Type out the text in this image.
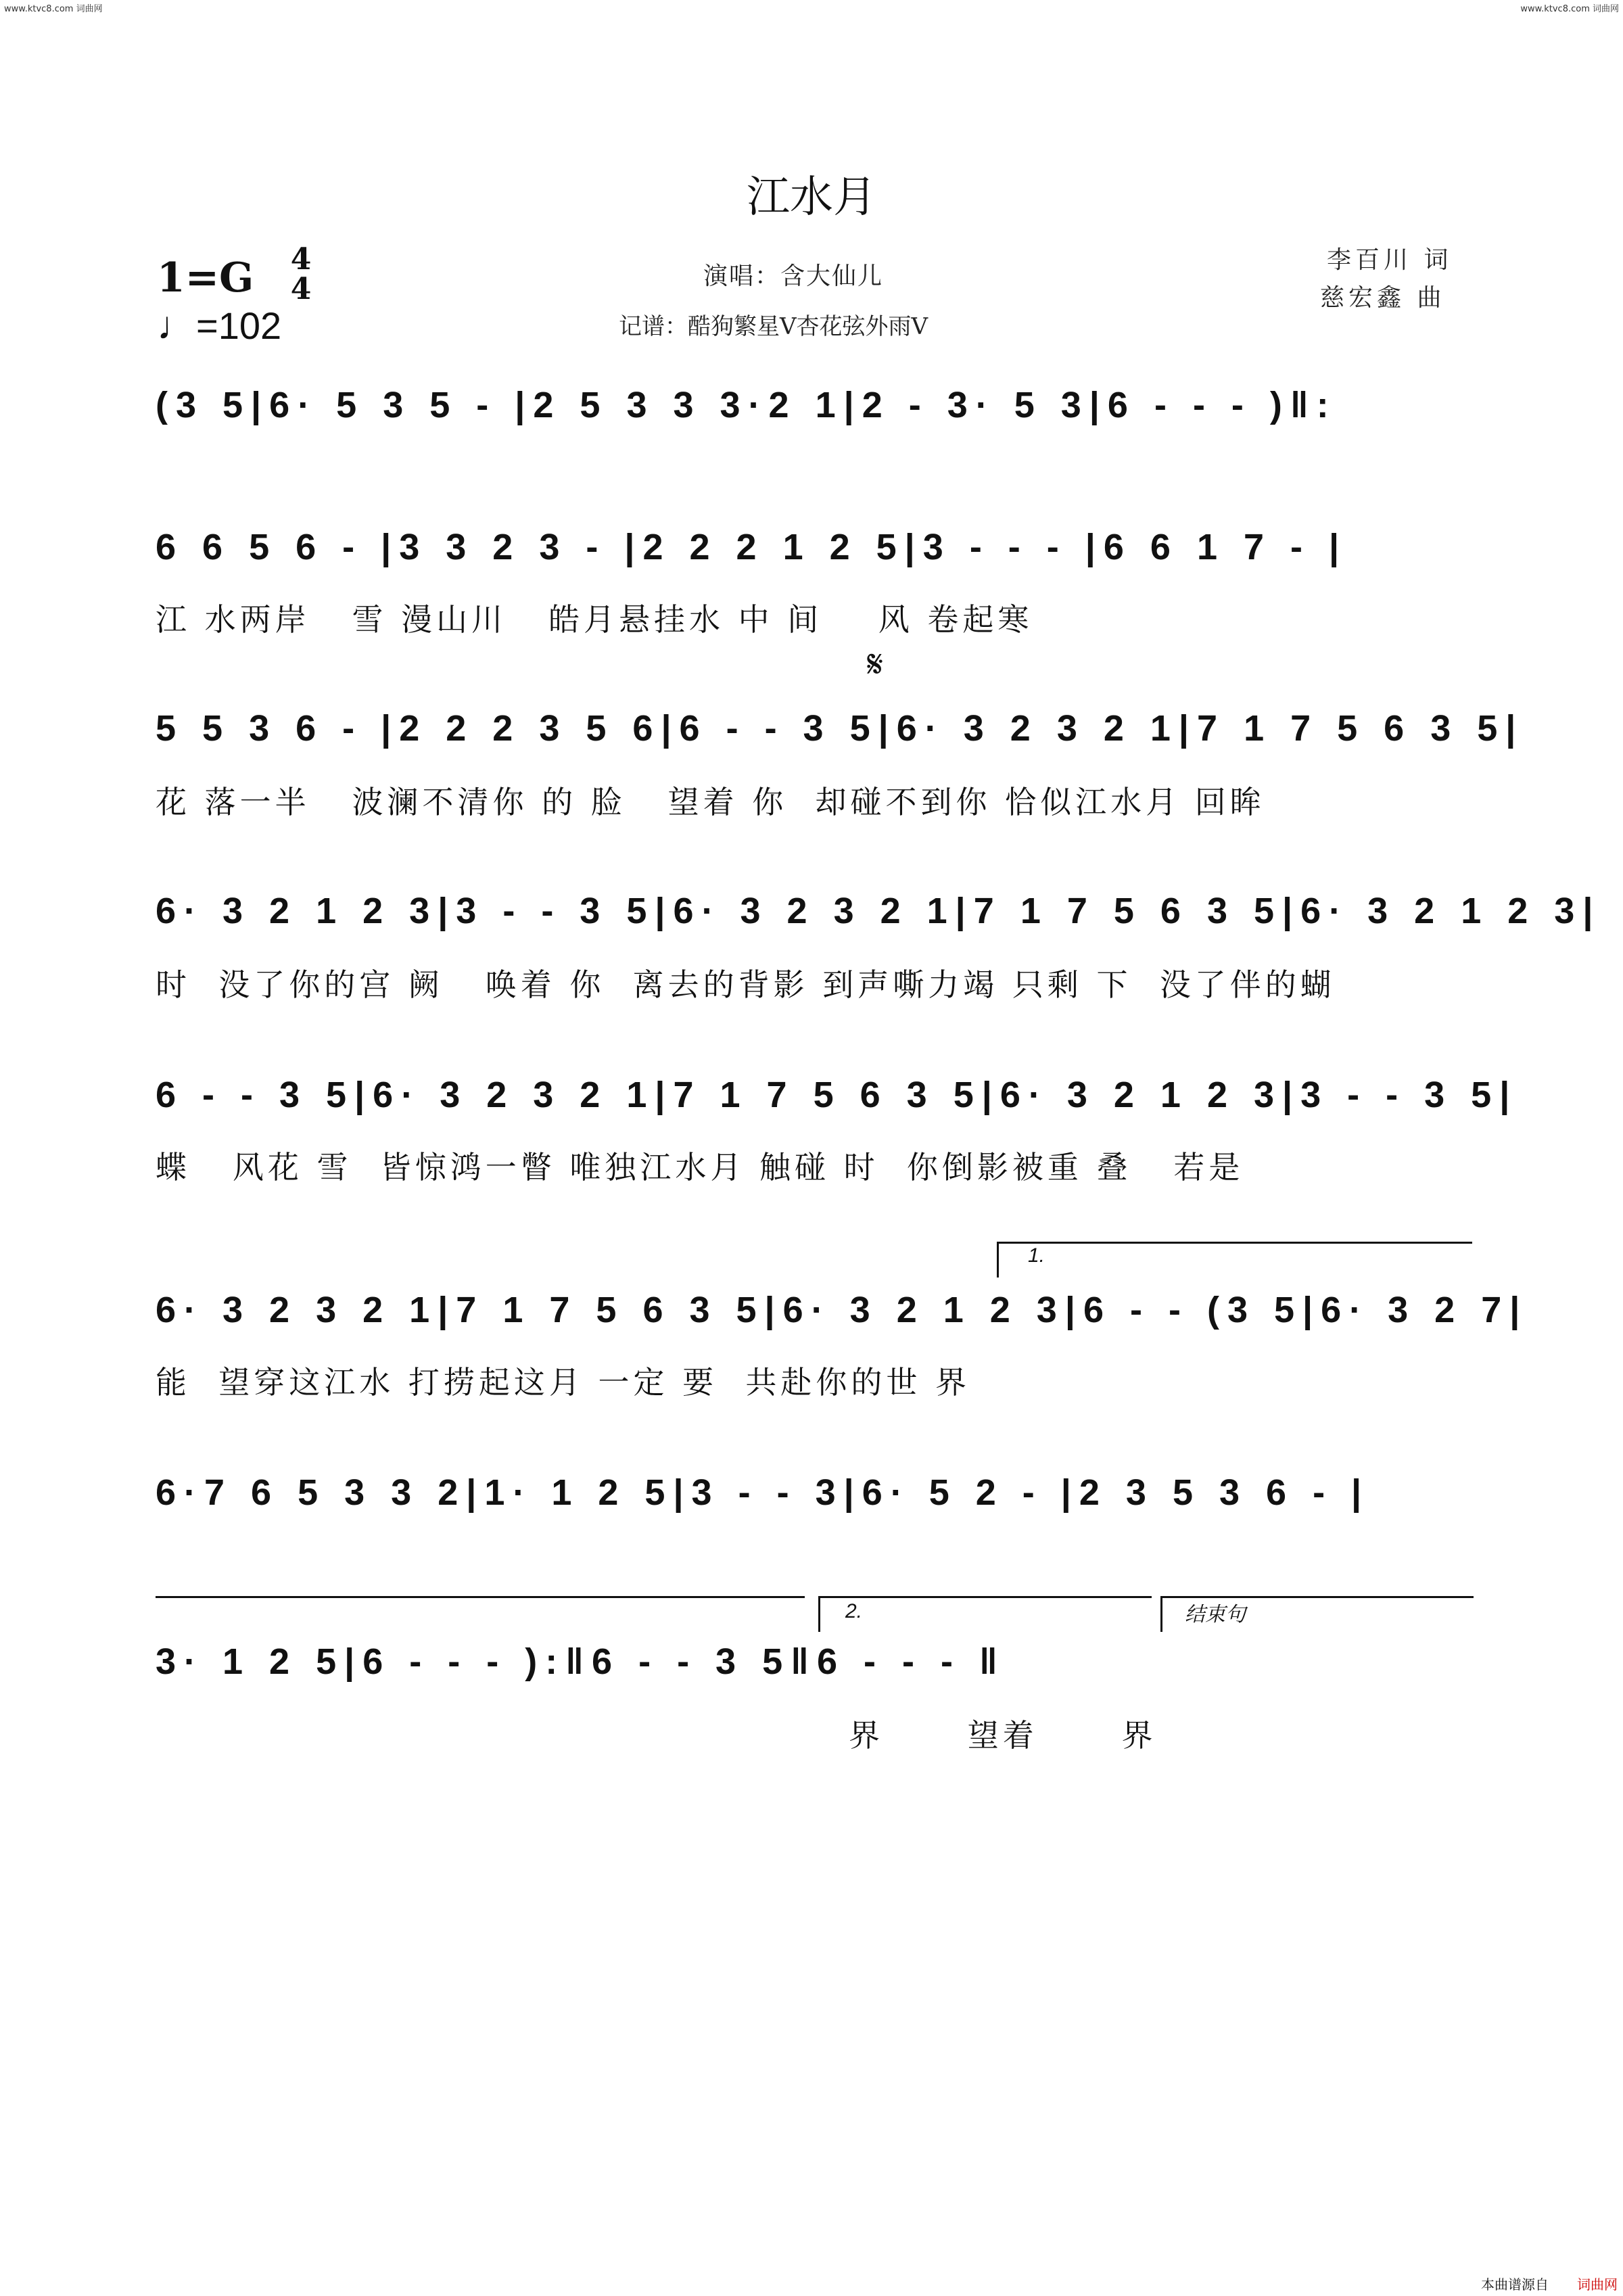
www.ktvc8.com 词曲网	www.ktvc8.com 词曲网
江水月
1=G 4
4
♩=102
演唱：含大仙儿
记谱：酷狗繁星V杏花弦外雨V
李百川 词
慈宏鑫 曲
(3 5|6· 5 3 5 - |2 5 3 3 3·2 1|2 - 3· 5 3|6 - - - )‖:
6 6 5 6 - |3 3 2 3 - |2 2 2 1 2 5|3 - - - |6 6 1 7 - |
江 水两岸   雪 漫山川   皓月悬挂水 中 间    风 卷起寒
𝄋
5 5 3 6 - |2 2 2 3 5 6|6 - - 3 5|6· 3 2 3 2 1|7 1 7 5 6 3 5|
花 落一半   波澜不清你 的 脸   望着 你  却碰不到你 恰似江水月 回眸
6· 3 2 1 2 3|3 - - 3 5|6· 3 2 3 2 1|7 1 7 5 6 3 5|6· 3 2 1 2 3|
时  没了你的宫 阙   唤着 你  离去的背影 到声嘶力竭 只剩 下  没了伴的蝴
6 - - 3 5|6· 3 2 3 2 1|7 1 7 5 6 3 5|6· 3 2 1 2 3|3 - - 3 5|
蝶   风花 雪  皆惊鸿一瞥 唯独江水月 触碰 时  你倒影被重 叠   若是
1.
6· 3 2 3 2 1|7 1 7 5 6 3 5|6· 3 2 1 2 3|6 - - (3 5|6· 3 2 7|
能  望穿这江水 打捞起这月 一定 要  共赴你的世 界
6·7 6 5 3 3 2|1· 1 2 5|3 - - 3|6· 5 2 - |2 3 5 3 6 - |
2.	结束句
3· 1 2 5|6 - - - ):‖6 - - 3 5‖6 - - - ‖
界      望着      界
本曲谱源自 词曲网
